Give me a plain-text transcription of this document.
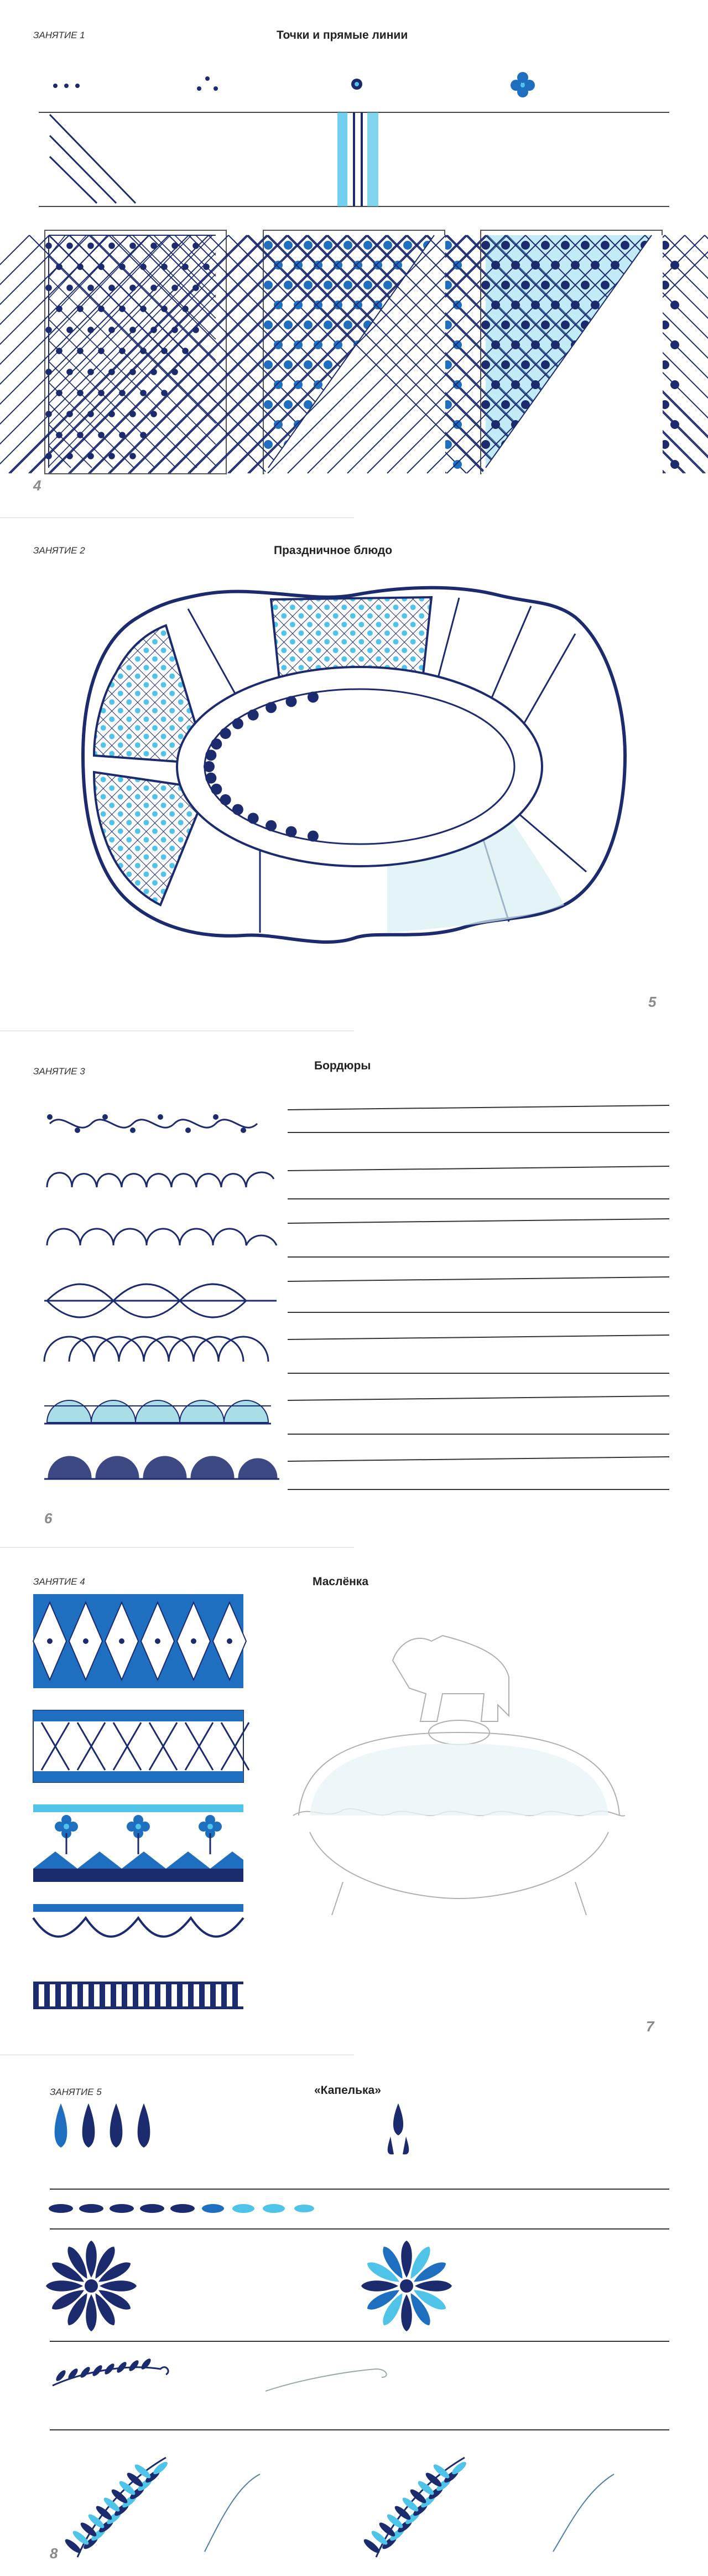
ЗАНЯТИЕ 1	Точки и прямые линии
4
ЗАНЯТИЕ 2	Праздничное блюдо
5
ЗАНЯТИЕ 3	Бордюры
6
ЗАНЯТИЕ 4	Маслёнка
7
ЗАНЯТИЕ 5	«Капелька»
8
